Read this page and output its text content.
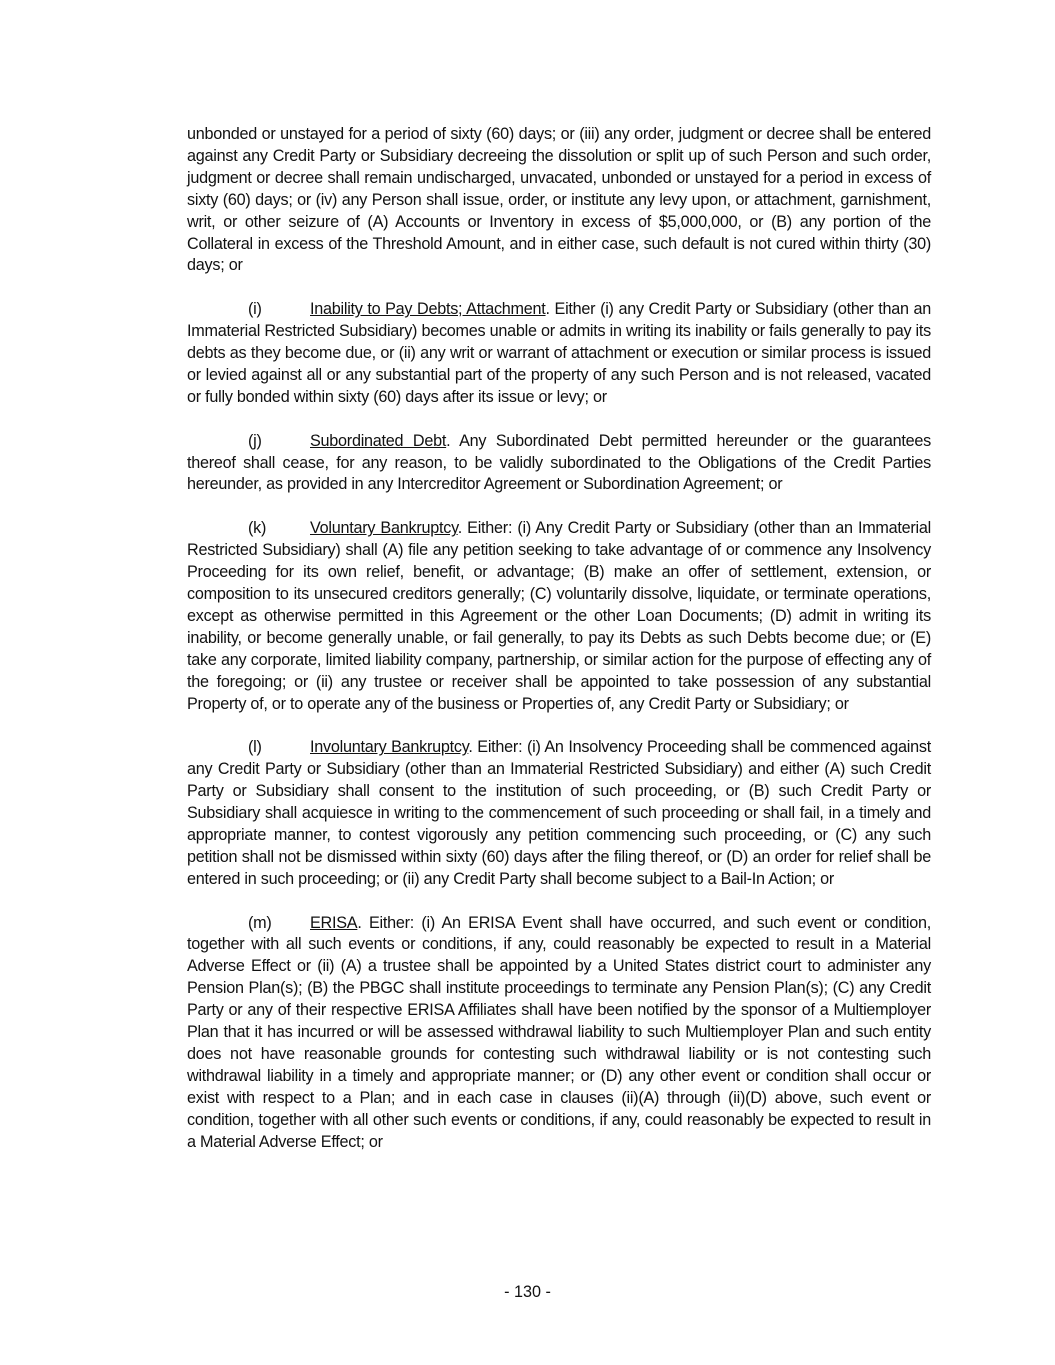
unbonded or unstayed for a period of sixty (60) days; or (iii) any order, judgment or decree shall be entered against any Credit Party or Subsidiary decreeing the dissolution or split up of such Person and such order, judgment or decree shall remain undischarged, unvacated, unbonded or unstayed for a period in excess of sixty (60) days; or (iv) any Person shall issue, order, or institute any levy upon, or attachment, garnishment, writ, or other seizure of (A) Accounts or Inventory in excess of $5,000,000, or (B) any portion of the Collateral in excess of the Threshold Amount, and in either case, such default is not cured within thirty (30) days; or

(i)	Inability to Pay Debts; Attachment. Either (i) any Credit Party or Subsidiary (other than an Immaterial Restricted Subsidiary) becomes unable or admits in writing its inability or fails generally to pay its debts as they become due, or (ii) any writ or warrant of attachment or execution or similar process is issued or levied against all or any substantial part of the property of any such Person and is not released, vacated or fully bonded within sixty (60) days after its issue or levy; or

(j)	Subordinated Debt. Any Subordinated Debt permitted hereunder or the guarantees thereof shall cease, for any reason, to be validly subordinated to the Obligations of the Credit Parties hereunder, as provided in any Intercreditor Agreement or Subordination Agreement; or

(k)	Voluntary Bankruptcy. Either: (i) Any Credit Party or Subsidiary (other than an Immaterial Restricted Subsidiary) shall (A) file any petition seeking to take advantage of or commence any Insolvency Proceeding for its own relief, benefit, or advantage; (B) make an offer of settlement, extension, or composition to its unsecured creditors generally; (C) voluntarily dissolve, liquidate, or terminate operations, except as otherwise permitted in this Agreement or the other Loan Documents; (D) admit in writing its inability, or become generally unable, or fail generally, to pay its Debts as such Debts become due; or (E) take any corporate, limited liability company, partnership, or similar action for the purpose of effecting any of the foregoing; or (ii) any trustee or receiver shall be appointed to take possession of any substantial Property of, or to operate any of the business or Properties of, any Credit Party or Subsidiary; or

(l)	Involuntary Bankruptcy. Either: (i) An Insolvency Proceeding shall be commenced against any Credit Party or Subsidiary (other than an Immaterial Restricted Subsidiary) and either (A) such Credit Party or Subsidiary shall consent to the institution of such proceeding, or (B) such Credit Party or Subsidiary shall acquiesce in writing to the commencement of such proceeding or shall fail, in a timely and appropriate manner, to contest vigorously any petition commencing such proceeding, or (C) any such petition shall not be dismissed within sixty (60) days after the filing thereof, or (D) an order for relief shall be entered in such proceeding; or (ii) any Credit Party shall become subject to a Bail-In Action; or

(m) ERISA. Either: (i) An ERISA Event shall have occurred, and such event or condition, together with all such events or conditions, if any, could reasonably be expected to result in a Material Adverse Effect or (ii) (A) a trustee shall be appointed by a United States district court to administer any Pension Plan(s); (B) the PBGC shall institute proceedings to terminate any Pension Plan(s); (C) any Credit Party or any of their respective ERISA Affiliates shall have been notified by the sponsor of a Multiemployer Plan that it has incurred or will be assessed withdrawal liability to such Multiemployer Plan and such entity does not have reasonable grounds for contesting such withdrawal liability or is not contesting such withdrawal liability in a timely and appropriate manner; or (D) any other event or condition shall occur or exist with respect to a Plan; and in each case in clauses (ii)(A) through (ii)(D) above, such event or condition, together with all other such events or conditions, if any, could reasonably be expected to result in a Material Adverse Effect; or

- 130 -
